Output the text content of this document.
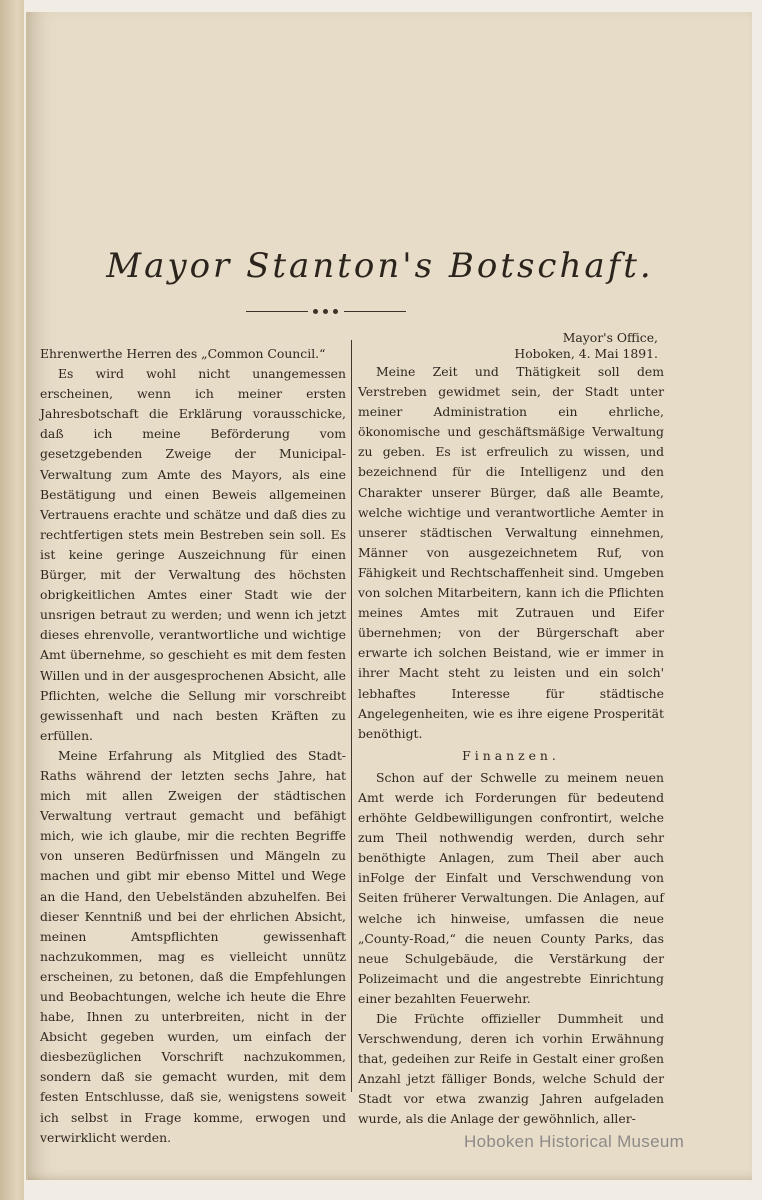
Mayor Stanton's Botschaft.

Ehrenwerthe Herren des „Common Council.“

Es wird wohl nicht unangemessen erscheinen, wenn ich meiner ersten Jahresbotschaft die Erklärung vorausschicke, daß ich meine Beförderung vom gesetzgebenden Zweige der Municipal-Verwaltung zum Amte des Mayors, als eine Bestätigung und einen Beweis allgemeinen Vertrauens erachte und schätze und daß dies zu rechtfertigen stets mein Bestreben sein soll. Es ist keine geringe Auszeichnung für einen Bürger, mit der Verwaltung des höchsten obrigkeitlichen Amtes einer Stadt wie der unsrigen betraut zu werden; und wenn ich jetzt dieses ehrenvolle, verantwortliche und wichtige Amt übernehme, so geschieht es mit dem festen Willen und in der ausgesprochenen Absicht, alle Pflichten, welche die Sellung mir vorschreibt gewissenhaft und nach besten Kräften zu erfüllen.

Meine Erfahrung als Mitglied des Stadt-Raths während der letzten sechs Jahre, hat mich mit allen Zweigen der städtischen Verwaltung vertraut gemacht und befähigt mich, wie ich glaube, mir die rechten Begriffe von unseren Bedürfnissen und Mängeln zu machen und gibt mir ebenso Mittel und Wege an die Hand, den Uebelständen abzuhelfen. Bei dieser Kenntniß und bei der ehrlichen Absicht, meinen Amtspflichten gewissenhaft nachzukommen, mag es vielleicht unnütz erscheinen, zu betonen, daß die Empfehlungen und Beobachtungen, welche ich heute die Ehre habe, Ihnen zu unterbreiten, nicht in der Absicht gegeben wurden, um einfach der diesbezüglichen Vorschrift nachzukommen, sondern daß sie gemacht wurden, mit dem festen Entschlusse, daß sie, wenigstens soweit ich selbst in Frage komme, erwogen und verwirklicht werden.

Mayor's Office,
Hoboken, 4. Mai 1891.

Meine Zeit und Thätigkeit soll dem Verstreben gewidmet sein, der Stadt unter meiner Administration ein ehrliche, ökonomische und geschäftsmäßige Verwaltung zu geben. Es ist erfreulich zu wissen, und bezeichnend für die Intelligenz und den Charakter unserer Bürger, daß alle Beamte, welche wichtige und verantwortliche Aemter in unserer städtischen Verwaltung einnehmen, Männer von ausgezeichnetem Ruf, von Fähigkeit und Rechtschaffenheit sind. Umgeben von solchen Mitarbeitern, kann ich die Pflichten meines Amtes mit Zutrauen und Eifer übernehmen; von der Bürgerschaft aber erwarte ich solchen Beistand, wie er immer in ihrer Macht steht zu leisten und ein solch' lebhaftes Interesse für städtische Angelegenheiten, wie es ihre eigene Prosperität benöthigt.

Finanzen.

Schon auf der Schwelle zu meinem neuen Amt werde ich Forderungen für bedeutend erhöhte Geldbewilligungen confrontirt, welche zum Theil nothwendig werden, durch sehr benöthigte Anlagen, zum Theil aber auch inFolge der Einfalt und Verschwendung von Seiten früherer Verwaltungen. Die Anlagen, auf welche ich hinweise, umfassen die neue „County-Road,“ die neuen County Parks, das neue Schulgebäude, die Verstärkung der Polizeimacht und die angestrebte Einrichtung einer bezahlten Feuerwehr.

Die Früchte offizieller Dummheit und Verschwendung, deren ich vorhin Erwähnung that, gedeihen zur Reife in Gestalt einer großen Anzahl jetzt fälliger Bonds, welche Schuld der Stadt vor etwa zwanzig Jahren aufgeladen wurde, als die Anlage der gewöhnlich, aller-

Hoboken Historical Museum
